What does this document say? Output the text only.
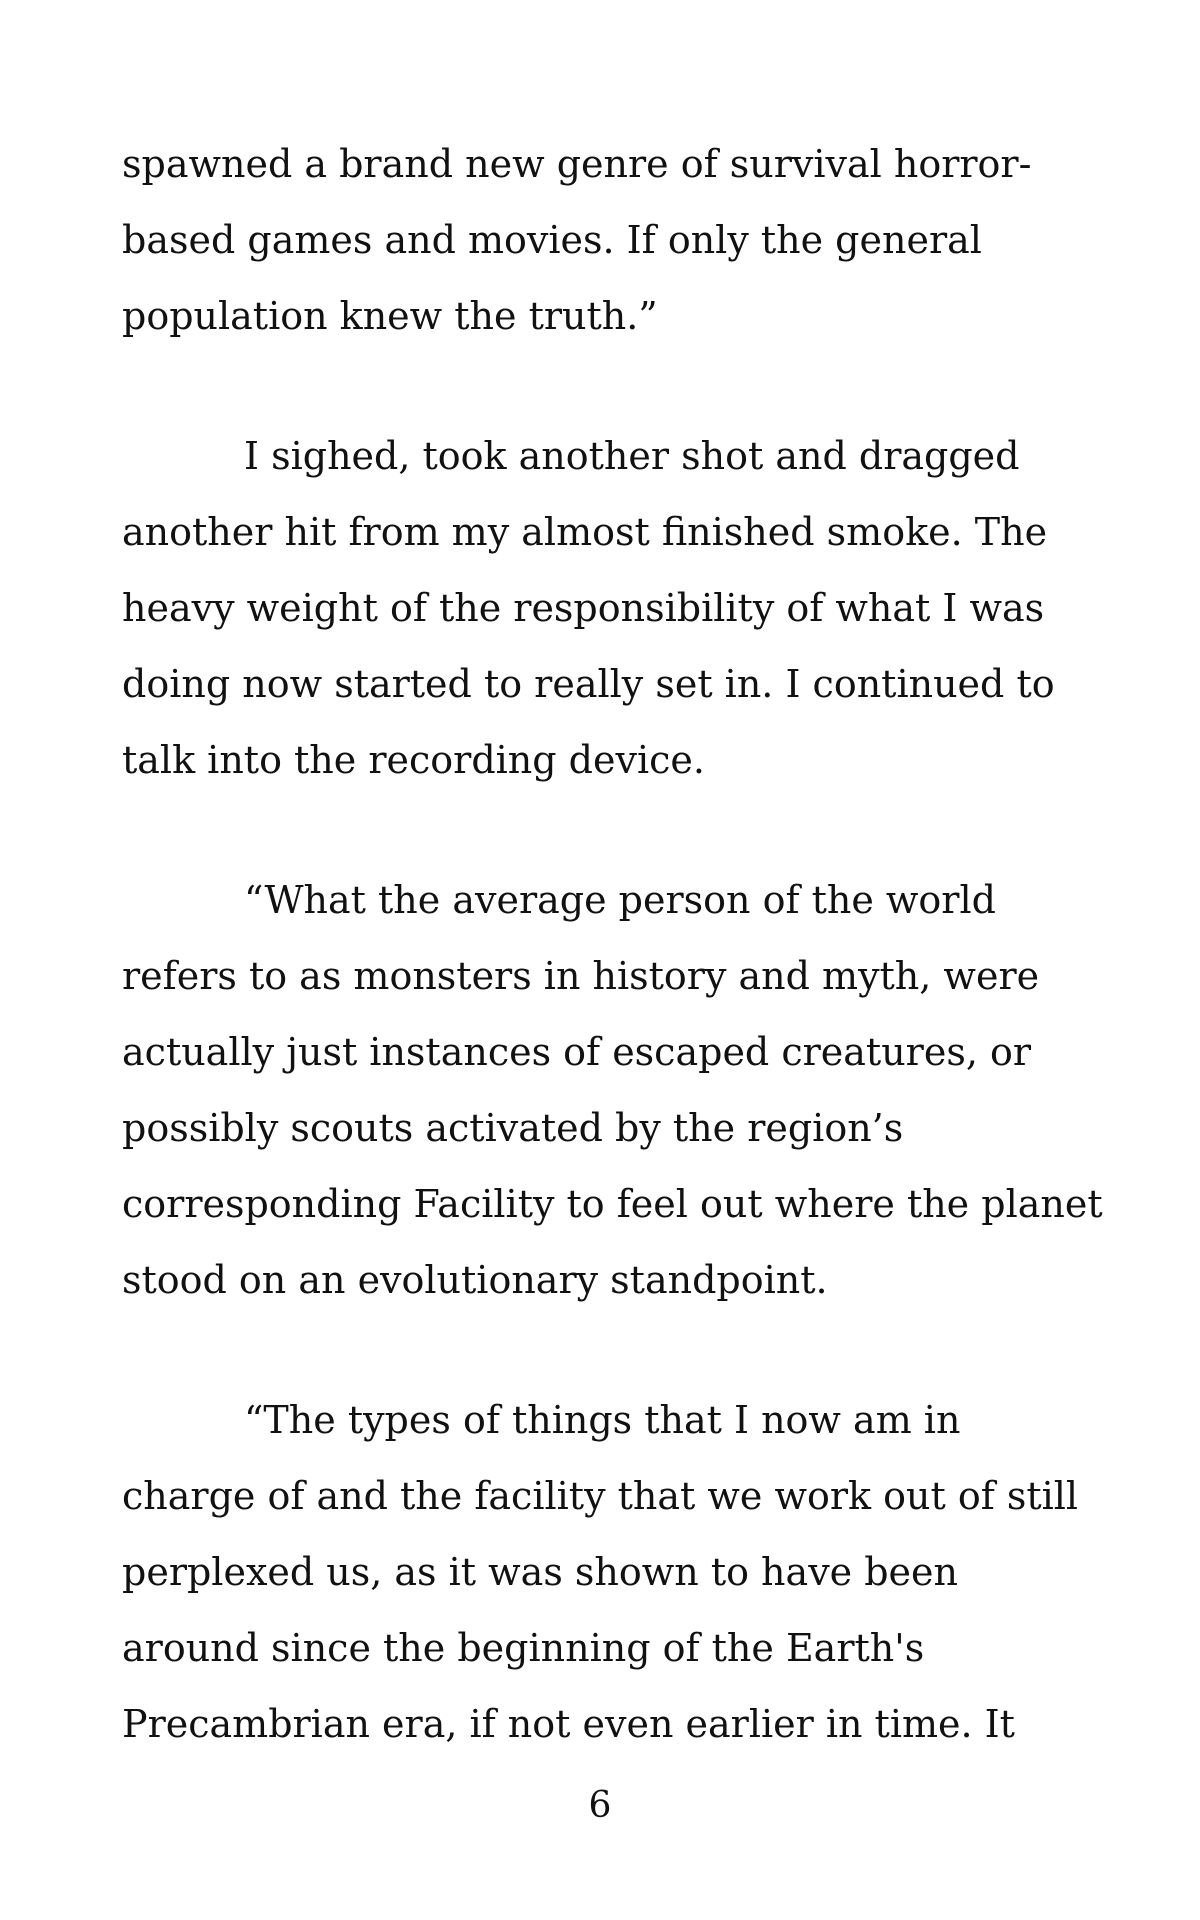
spawned a brand new genre of survival horror-
based games and movies. If only the general
population knew the truth.”
I sighed, took another shot and dragged
another hit from my almost finished smoke. The
heavy weight of the responsibility of what I was
doing now started to really set in. I continued to
talk into the recording device.
“What the average person of the world
refers to as monsters in history and myth, were
actually just instances of escaped creatures, or
possibly scouts activated by the region’s
corresponding Facility to feel out where the planet
stood on an evolutionary standpoint.
“The types of things that I now am in
charge of and the facility that we work out of still
perplexed us, as it was shown to have been
around since the beginning of the Earth's
Precambrian era, if not even earlier in time. It
6
